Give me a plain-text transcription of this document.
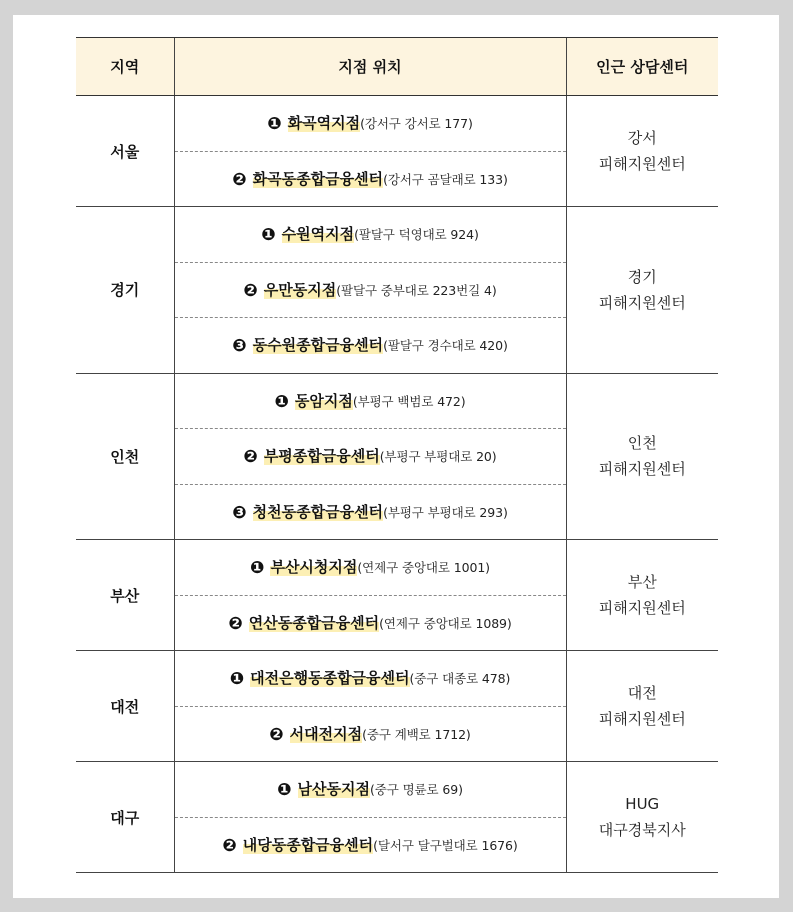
지역	지점 위치	인근 상담센터
서울	❶ 화곡역지점(강서구 강서로 177)	강서
피해지원센터

	❷ 화곡동종합금융센터(강서구 곰달래로 133)	
경기	❶ 수원역지점(팔달구 덕영대로 924)	경기
피해지원센터

	❷ 우만동지점(팔달구 중부대로 223번길 4)	
	❸ 동수원종합금융센터(팔달구 경수대로 420)	
인천	❶ 동암지점(부평구 백범로 472)	인천
피해지원센터

	❷ 부평종합금융센터(부평구 부평대로 20)	
	❸ 청천동종합금융센터(부평구 부평대로 293)	
부산	❶ 부산시청지점(연제구 중앙대로 1001)	부산
피해지원센터

	❷ 연산동종합금융센터(연제구 중앙대로 1089)	
대전	❶ 대전은행동종합금융센터(중구 대종로 478)	대전
피해지원센터

	❷ 서대전지점(중구 계백로 1712)	
대구	❶ 남산동지점(중구 명륜로 69)	HUG
대구경북지사

	❷ 내당동종합금융센터(달서구 달구벌대로 1676)	
